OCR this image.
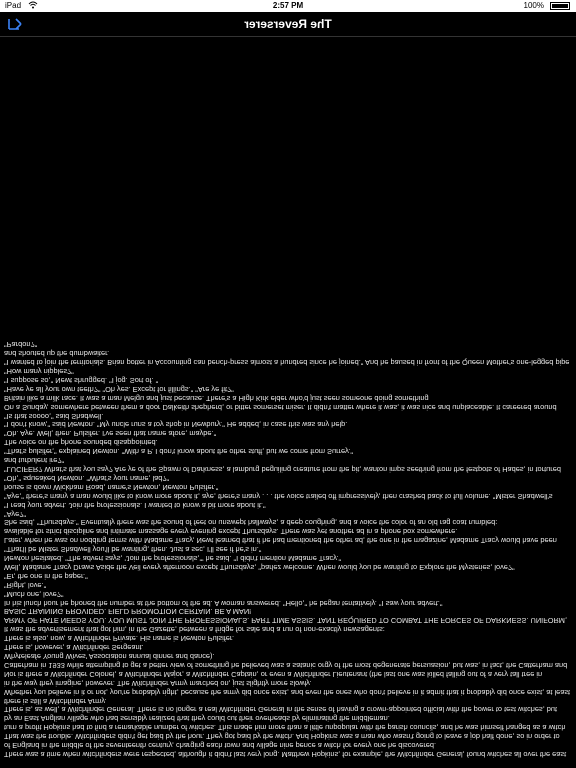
iPad	2:57 PM	100%
The Reverserer

There was a time when witchfinders were respected, although it didn't last very long. Matthew Hopkins, for example, the Witchfinder General, found witches all over the east of England in the middle of the seventeenth century, charging each town and village nine pence a witch for every one he discovered.

That was the trouble. Witchfinders didn't get paid by the hour. They got paid by the witch. And Hopkins was a man who wasn't going to leave a job half done, so in order to turn a profit Hopkins had to find a remarkable number of witches. This made him more than a little unpopular with the parish councils, and he was himself hanged as a witch by an East Anglian village who had sensibly realized that they could cut their overheads by eliminating the middleman.

There is, as well, a Witchfinder General. There is no longer a real Witchfinder General in the sense of having a crown-appointed official with the power to test witches, but there is still a Witchfinder Army.

Whether you believe in it or not, you're probably right, because the army did once exist, and even the ones who don't believe in it admit that it probably did once exist, at least in the way they imagine, however. The Witchfinder Army marched on, just slightly more slowly.

Nor is there a Witchfinder Colonel, a Witchfinder Major, a Witchfinder Captain, or even a Witchfinder Lieutenant (the last one was killed falling out of a very tall tree in Catterham in 1933 while attempting to get a better view of something he believed was a satanic orgy of the most degenerate persuasion, but was, in fact, the Catterham and Whyteleafe Young Wives' Association annual dinner and dance).

There is, however, a Witchfinder Sergeant.

There is also, now, a Witchfinder Private. His name is Newton Pulsifer.

It was the advertisement that got him, in the Gazette, between a fridge for sale and a run of non-exactly newsagents:

ARMY OF HATE NEEDS YOU. YOU MUST JOIN THE PROFESSIONALS. PART TIME ASSIS. TANT REQUIRED TO COMBAT THE FORCES OF DARKNESS. UNIFORM, BASIC TRAINING PROVIDED. FIELD PROMOTION CERTAIN. BE A MAN!

In his lunch hour he phoned the number at the bottom of the ad. A woman answered. "Hello," he began tentatively. "I saw your advert."

"Much one, love?"

"Right, love."

"Er, the one in the paper."

Well, Madame Tracy Draws Aside the Veil every afternoon except Thursdays, "parlez welcome. When would you be wanting to Explore the Mysteries, love?"

Newton hesitated. "The advert says, 'Join the professionals,'" he said. "I didn't mention Madame Tracy."

"That'll be Mister Shadwell you'll be wanting, then. Just a sec, I'll see if he's in."

Later, when he was on nodding terms with Madame Tracy, Newt learned that if he had mentioned the other ad, the one in the magazine, Madame Tracy would have been available for strict discipline and intimate massage every evening except Thursdays. There was yet another ad in a phone box somewhere.

She said, "Thursdays." Eventually there was the sound of feet on unswept hallways, a deep coughing, and a voice the color of an old rag coat rumbled:

"Aye?"

"I read your advert. Join the professionals. I wanted to know a bit more about it."

"Aye," there's many a man would like to know more about it, aye, there's many . . . the voice trailed off impressively, then crashed back to full volume. "Mister Shadwell's house is down Wickham Road, name's Newton, Newton Pulsifer."

"Oh," squeaked Newton. "What's your name, lad?"

"LUCIFER? What's that you say? Are ye of the Spawn of Darkness, a lamburg beguiling creature from the pit, wanton imps seething from the festpots of Hades, in tortured and turbulent ire?"

"That's pulsifer," explained Newton. "With a P. I don't know about the other stuff, but we come from Surrey."

The voice on the phone sounded disappointed.

"Oh. Aye. Well, then. Pulsifer. I've seen that name afore, maybe."

"I don't know," said Newton. "My uncle runs a toy shop in Newbury." He added, in case this was any help.

"Is that soooo," said Shadwell.

On a Sunday, somewhere between them a door Dalkeith shepherd, or bitter somerset miser. It didn't matter where it was, it was nice and unplaceable. It careered around Britain like a milk race. It was a man Melgu and just because. There's a High Kirk elder who'd just seen someone doing something

"Have ye all your own teeth?" "Oh yes. Except for fillings." "Are ye fit?"

"I suppose so," Newt shrugged. "I jog. Sort of. "

"How many nipples?"

"I wanted to join the territorials. Brian potter in Accounting can bench-press almost a hundred since he joined." And he paused in front of the Queen Mother's one-legged pipe and shouted up the dumbwaiter.

"Pardon?"
